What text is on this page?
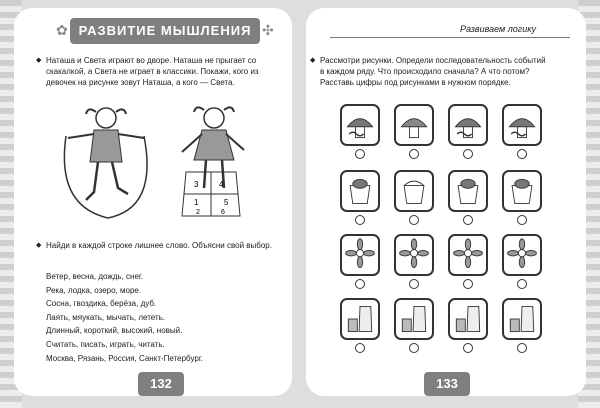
РАЗВИТИЕ МЫШЛЕНИЯ
✿	✣
◆ Наташа и Света играют во дворе. Наташа не прыгает со скакалкой, а Света не играет в классики. Покажи, кого из девочек на рисунке зовут Наташа, а кого — Света.
3	4
5
1
2	6
◆ Найди в каждой строке лишнее слово. Объясни свой выбор.
Ветер, весна, дождь, снег.
Река, лодка, озеро, море.
Сосна, гвоздика, берёза, дуб.
Лаять, мяукать, мычать, лететь.
Длинный, короткий, высокий, новый.
Считать, писать, играть, читать.
Москва, Рязань, Россия, Санкт-Петербург.
132
Развиваем логику
◆ Рассмотри рисунки. Определи последовательность событий в каждом ряду. Что происходило сначала? А что потом? Расставь цифры под рисунками в нужном порядке.
133
